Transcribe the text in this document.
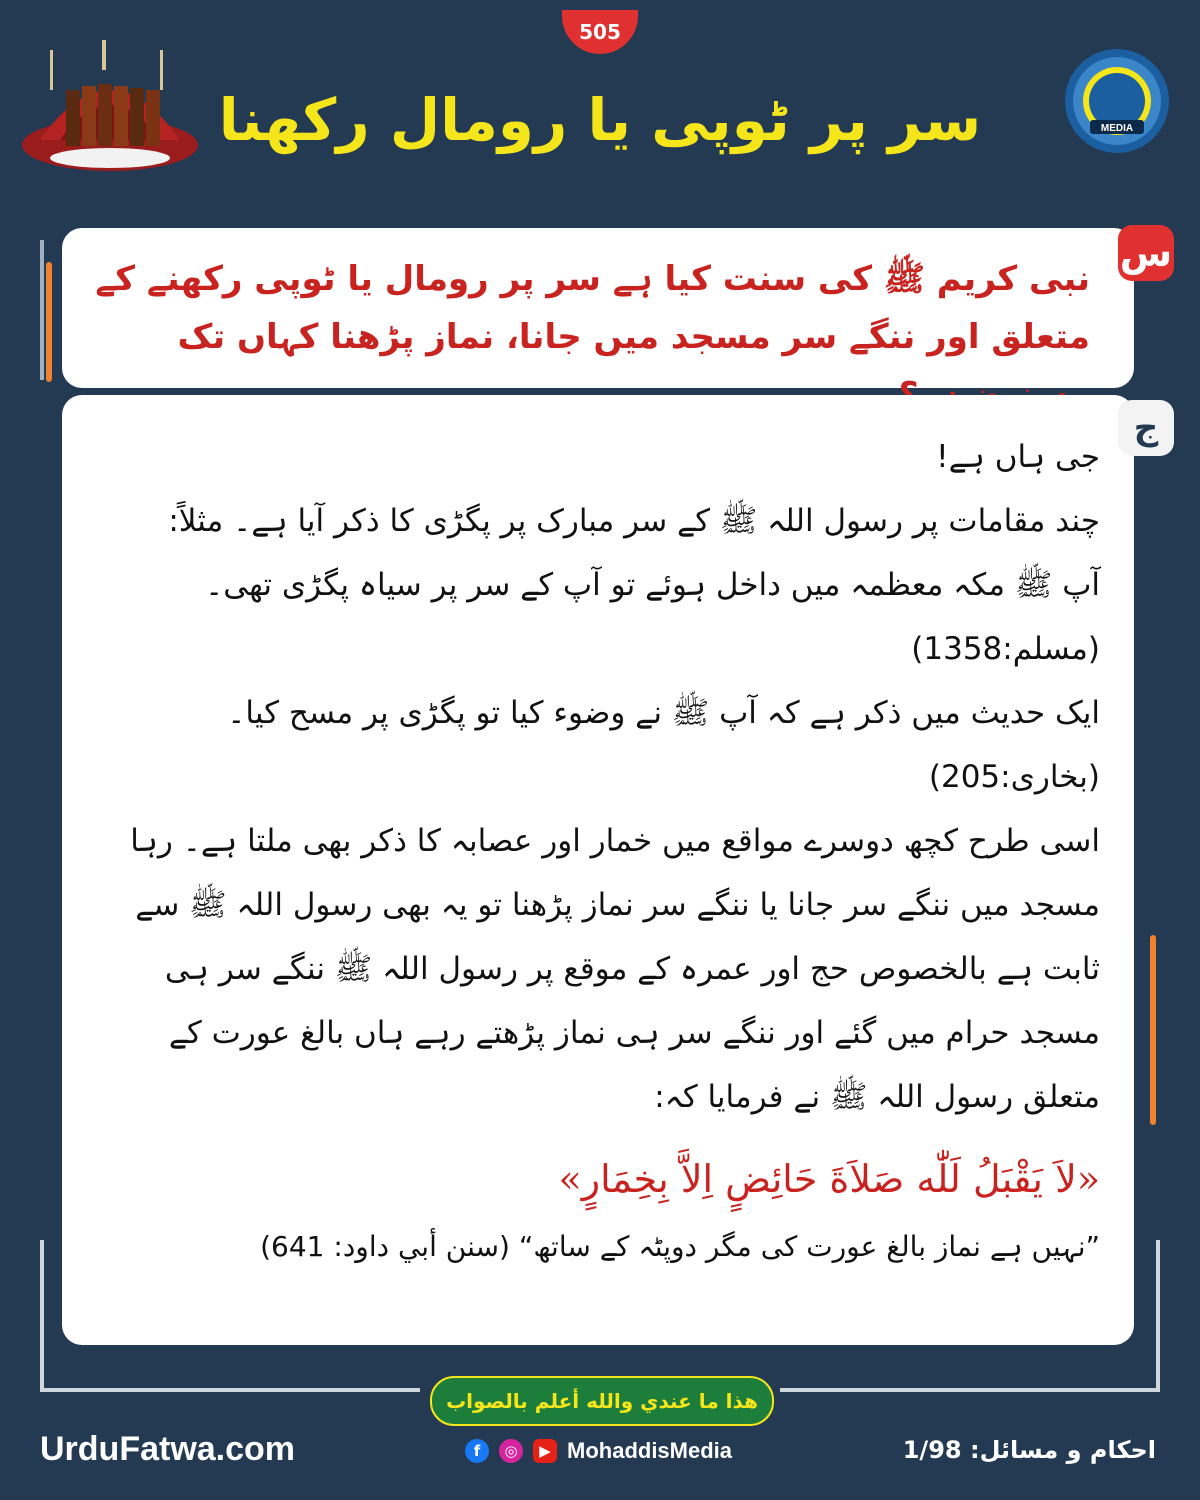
505
سر پر ٹوپی یا رومال رکھنا	MEDIA
نبی کریم ﷺ کی سنت کیا ہے سر پر رومال یا ٹوپی رکھنے کے متعلق اور ننگے سر مسجد میں جانا، نماز پڑھنا کہاں تک
س

جی ہاں ہے!

چند مقامات پر رسول اللہ ﷺ کے سر مبارک پر پگڑی کا ذکر آیا ہے۔ مثلاً:

آپ ﷺ مکہ معظمہ میں داخل ہوئے تو آپ کے سر پر سیاہ پگڑی تھی۔ (مسلم:1358)

ایک حدیث میں ذکر ہے کہ آپ ﷺ نے وضوء کیا تو پگڑی پر مسح کیا۔ (بخاری:205)

اسی طرح کچھ دوسرے مواقع میں خمار اور عصابہ کا ذکر بھی ملتا ہے۔ رہا مسجد میں ننگے سر جانا یا ننگے سر نماز پڑھنا تو یہ بھی رسول اللہ ﷺ سے ثابت ہے بالخصوص حج اور عمرہ کے موقع پر رسول اللہ ﷺ ننگے سر ہی مسجد حرام میں گئے اور ننگے سر ہی نماز پڑھتے رہے ہاں بالغ عورت کے متعلق رسول اللہ ﷺ نے فرمایا کہ:

«لاَ يَقْبَلُ لَلّٰه صَلاَةَ حَائِضٍ اِلاَّ بِخِمَارٍ»

”نہیں ہے نماز بالغ عورت کی مگر دوپٹہ کے ساتھ“ (سنن أبي داود: 641)

ج
هذا ما عندي والله أعلم بالصواب
UrduFatwa.com	f	◎	▶ MohaddisMedia	احکام و مسائل: 1/98
